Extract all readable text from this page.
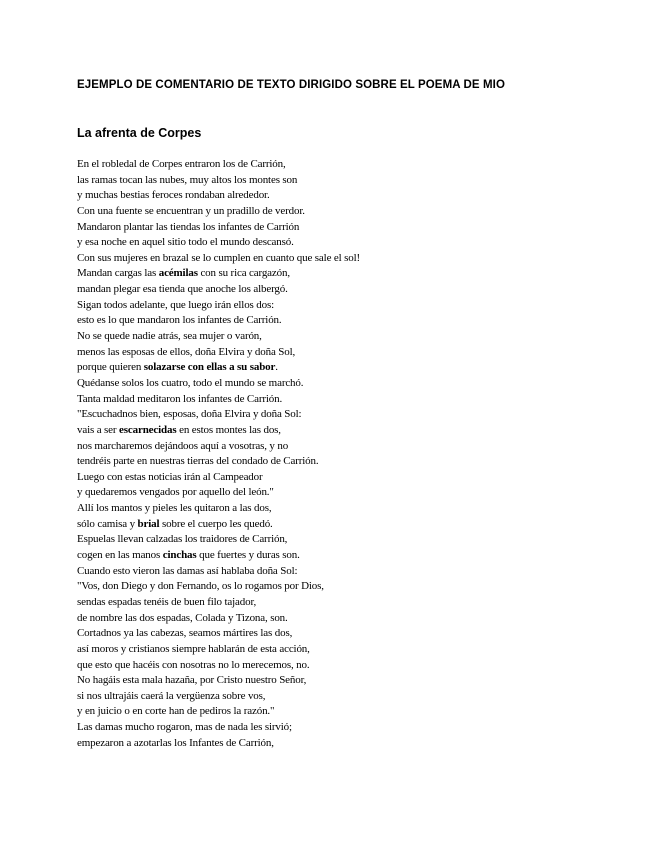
EJEMPLO DE COMENTARIO DE TEXTO DIRIGIDO SOBRE EL POEMA DE MIO
La afrenta de Corpes
En el robledal de Corpes entraron los de Carrión,
las ramas tocan las nubes, muy altos los montes son
y muchas bestias feroces rondaban alrededor.
Con una fuente se encuentran y un pradillo de verdor.
Mandaron plantar las tiendas los infantes de Carrión
y esa noche en aquel sitio todo el mundo descansó.
Con sus mujeres en brazal se lo cumplen en cuanto que sale el sol!
Mandan cargas las acémilas con su rica cargazón,
mandan plegar esa tienda que anoche los albergó.
Sigan todos adelante, que luego irán ellos dos:
esto es lo que mandaron los infantes de Carrión.
No se quede nadie atrás, sea mujer o varón,
menos las esposas de ellos, doña Elvira y doña Sol,
porque quieren solazarse con ellas a su sabor.
Quédanse solos los cuatro, todo el mundo se marchó.
Tanta maldad meditaron los infantes de Carrión.
"Escuchadnos bien, esposas, doña Elvira y doña Sol:
vais a ser escarnecidas en estos montes las dos,
nos marcharemos dejándoos aquí a vosotras, y no
tendréis parte en nuestras tierras del condado de Carrión.
Luego con estas noticias irán al Campeador
y quedaremos vengados por aquello del león."
Allí los mantos y pieles les quitaron a las dos,
sólo camisa y brial sobre el cuerpo les quedó.
Espuelas llevan calzadas los traidores de Carrión,
cogen en las manos cinchas que fuertes y duras son.
Cuando esto vieron las damas así hablaba doña Sol:
"Vos, don Diego y don Fernando, os lo rogamos por Dios,
sendas espadas tenéis de buen filo tajador,
de nombre las dos espadas, Colada y Tizona, son.
Cortadnos ya las cabezas, seamos mártires las dos,
así moros y cristianos siempre hablarán de esta acción,
que esto que hacéis con nosotras no lo merecemos, no.
No hagáis esta mala hazaña, por Cristo nuestro Señor,
si nos ultrajáis caerá la vergüenza sobre vos,
y en juicio o en corte han de pediros la razón."
Las damas mucho rogaron, mas de nada les sirvió;
empezaron a azotarlas los Infantes de Carrión,
